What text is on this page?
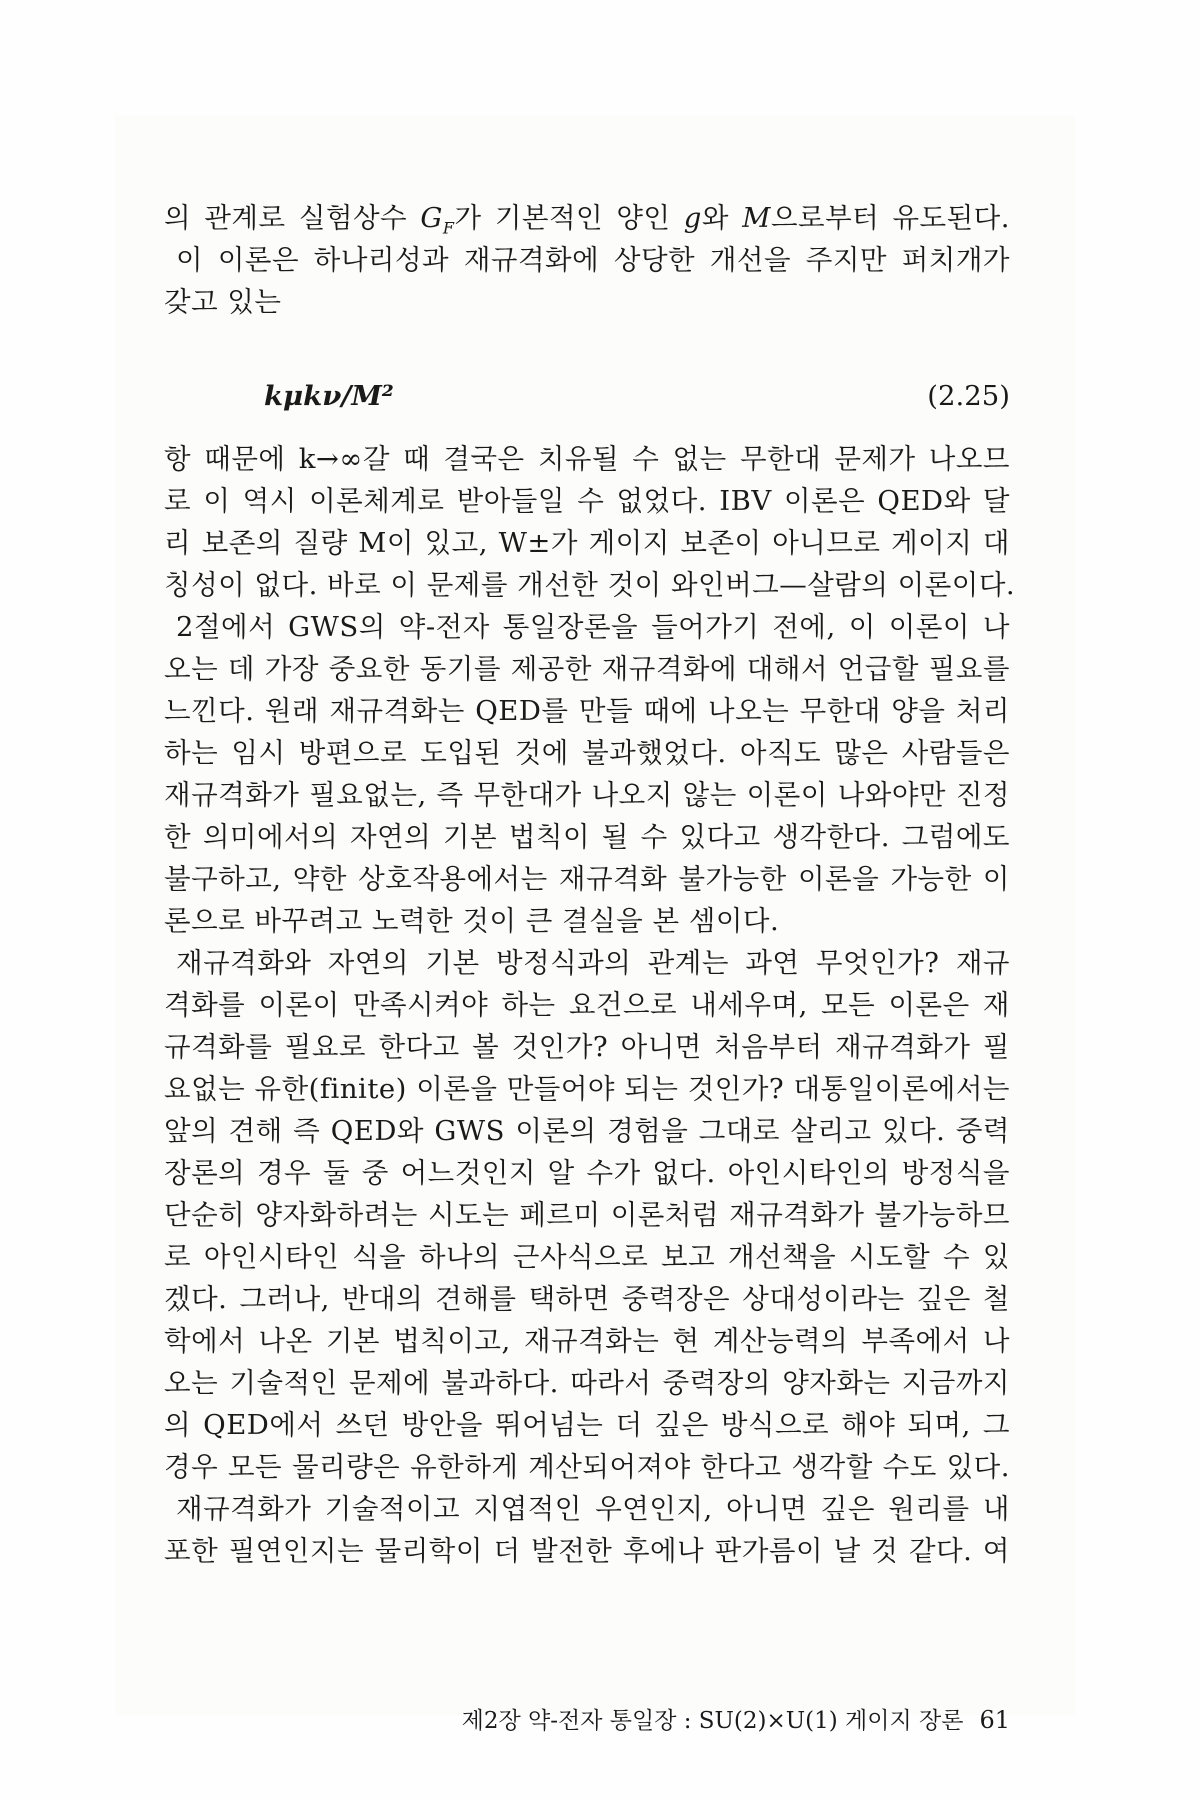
의 관계로 실험상수 $G_F$가 기본적인 양인 g와 M으로부터 유도된다.
이 이론은 하나리성과 재규격화에 상당한 개선을 주지만 퍼치개가
갖고 있는
kμkν/M²	(2.25)
항 때문에 k→∞갈 때 결국은 치유될 수 없는 무한대 문제가 나오므
로 이 역시 이론체계로 받아들일 수 없었다. IBV 이론은 QED와 달
리 보존의 질량 M이 있고, W±가 게이지 보존이 아니므로 게이지 대
칭성이 없다. 바로 이 문제를 개선한 것이 와인버그—살람의 이론이다.
2절에서 GWS의 약-전자 통일장론을 들어가기 전에, 이 이론이 나
오는 데 가장 중요한 동기를 제공한 재규격화에 대해서 언급할 필요를
느낀다. 원래 재규격화는 QED를 만들 때에 나오는 무한대 양을 처리
하는 임시 방편으로 도입된 것에 불과했었다. 아직도 많은 사람들은
재규격화가 필요없는, 즉 무한대가 나오지 않는 이론이 나와야만 진정
한 의미에서의 자연의 기본 법칙이 될 수 있다고 생각한다. 그럼에도
불구하고, 약한 상호작용에서는 재규격화 불가능한 이론을 가능한 이
론으로 바꾸려고 노력한 것이 큰 결실을 본 셈이다.
재규격화와 자연의 기본 방정식과의 관계는 과연 무엇인가? 재규
격화를 이론이 만족시켜야 하는 요건으로 내세우며, 모든 이론은 재
규격화를 필요로 한다고 볼 것인가? 아니면 처음부터 재규격화가 필
요없는 유한(finite) 이론을 만들어야 되는 것인가? 대통일이론에서는
앞의 견해 즉 QED와 GWS 이론의 경험을 그대로 살리고 있다. 중력
장론의 경우 둘 중 어느것인지 알 수가 없다. 아인시타인의 방정식을
단순히 양자화하려는 시도는 페르미 이론처럼 재규격화가 불가능하므
로 아인시타인 식을 하나의 근사식으로 보고 개선책을 시도할 수 있
겠다. 그러나, 반대의 견해를 택하면 중력장은 상대성이라는 깊은 철
학에서 나온 기본 법칙이고, 재규격화는 현 계산능력의 부족에서 나
오는 기술적인 문제에 불과하다. 따라서 중력장의 양자화는 지금까지
의 QED에서 쓰던 방안을 뛰어넘는 더 깊은 방식으로 해야 되며, 그
경우 모든 물리량은 유한하게 계산되어져야 한다고 생각할 수도 있다.
재규격화가 기술적이고 지엽적인 우연인지, 아니면 깊은 원리를 내
포한 필연인지는 물리학이 더 발전한 후에나 판가름이 날 것 같다. 여
제2장 약-전자 통일장 : SU(2)×U(1) 게이지 장론 61
